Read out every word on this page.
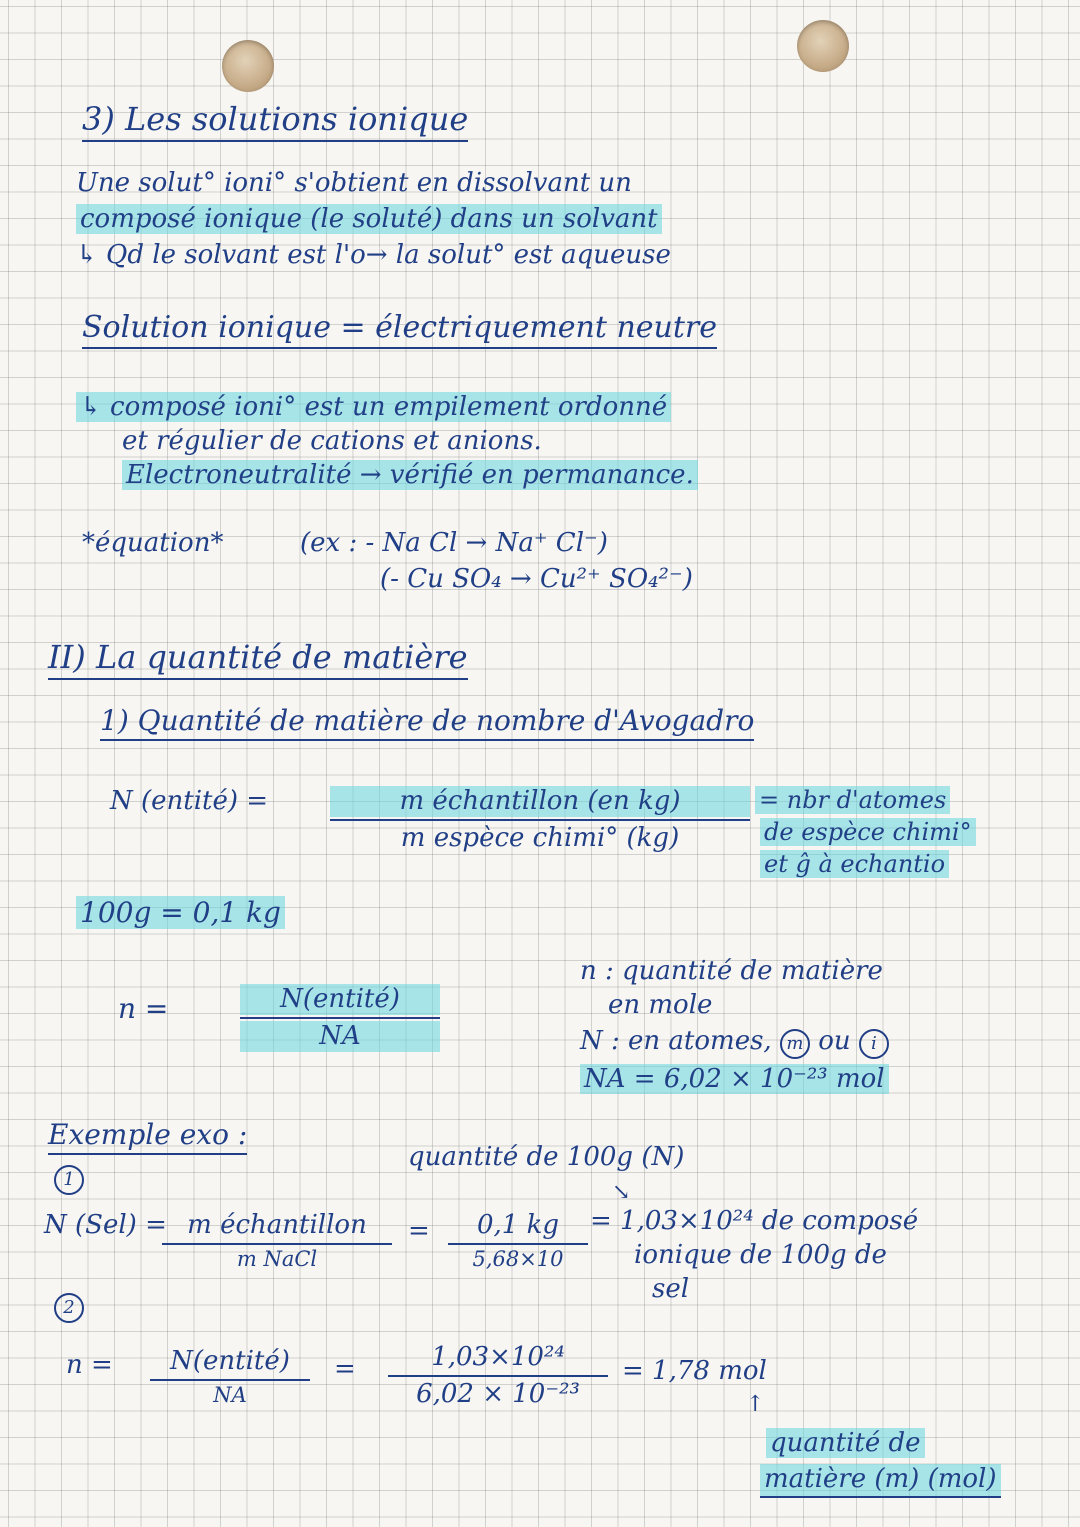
3) Les solutions ionique
Une solut° ioni° s'obtient en dissolvant un
composé ionique (le soluté) dans un solvant
↳ Qd le solvant est l'o→ la solut° est aqueuse
Solution ionique = électriquement neutre
↳ composé ioni° est un empilement ordonné
et régulier de cations et anions.
Electroneutralité → vérifié en permanance.
*équation*	(ex : - Na Cl → Na⁺ Cl⁻)
(- Cu SO₄ → Cu²⁺ SO₄²⁻)
II) La quantité de matière
1) Quantité de matière de nombre d'Avogadro
N (entité) =	m échantillon (en kg)
m espèce chimi° (kg)
= nbr d'atomes
de espèce chimi°
et ĝ à echantio
100g = 0,1 kg
n =	N(entité)
NA
n : quantité de matière
en mole
N : en atomes, m ou i
NA = 6,02 × 10⁻²³ mol
Exemple exo :
quantité de 100g (N)
↘
1
N (Sel) = m échantillon
m NaCl
=	0,1 kg
5,68×10
= 1,03×10²⁴ de composé
ionique de 100g de
sel
2
n =	N(entité)
NA
=	1,03×10²⁴
6,02 × 10⁻²³
= 1,78 mol
↑
quantité de
matière (m) (mol)
